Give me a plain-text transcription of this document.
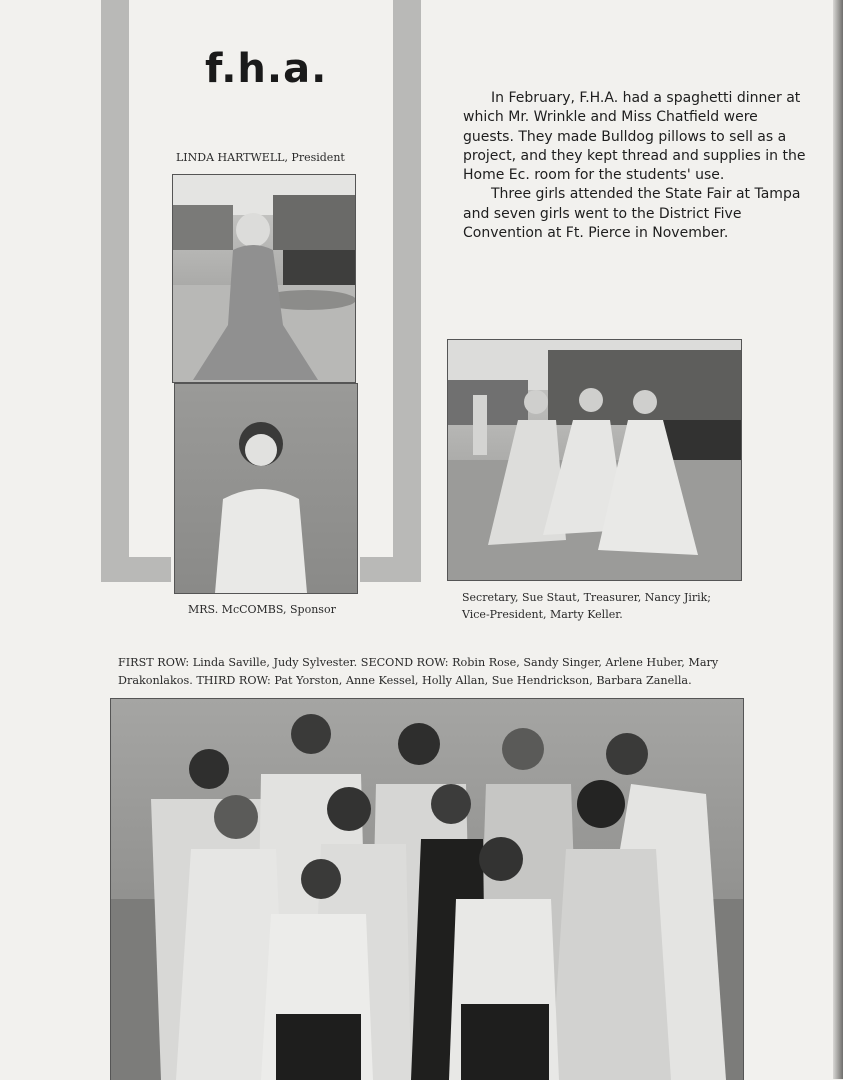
f.h.a.
LINDA HARTWELL, President
MRS. McCOMBS, Sponsor

In February, F.H.A. had a spaghetti dinner at which Mr. Wrinkle and Miss Chatfield were guests. They made Bulldog pillows to sell as a project, and they kept thread and supplies in the Home Ec. room for the students' use.

Three girls attended the State Fair at Tampa and seven girls went to the District Five Convention at Ft. Pierce in November.

Secretary, Sue Staut, Treasurer, Nancy Jirik;
Vice-President, Marty Keller.
FIRST ROW: Linda Saville, Judy Sylvester. SECOND ROW: Robin Rose, Sandy Singer, Arlene Huber, Mary Drakonlakos. THIRD ROW: Pat Yorston, Anne Kessel, Holly Allan, Sue Hendrickson, Barbara Zanella.
